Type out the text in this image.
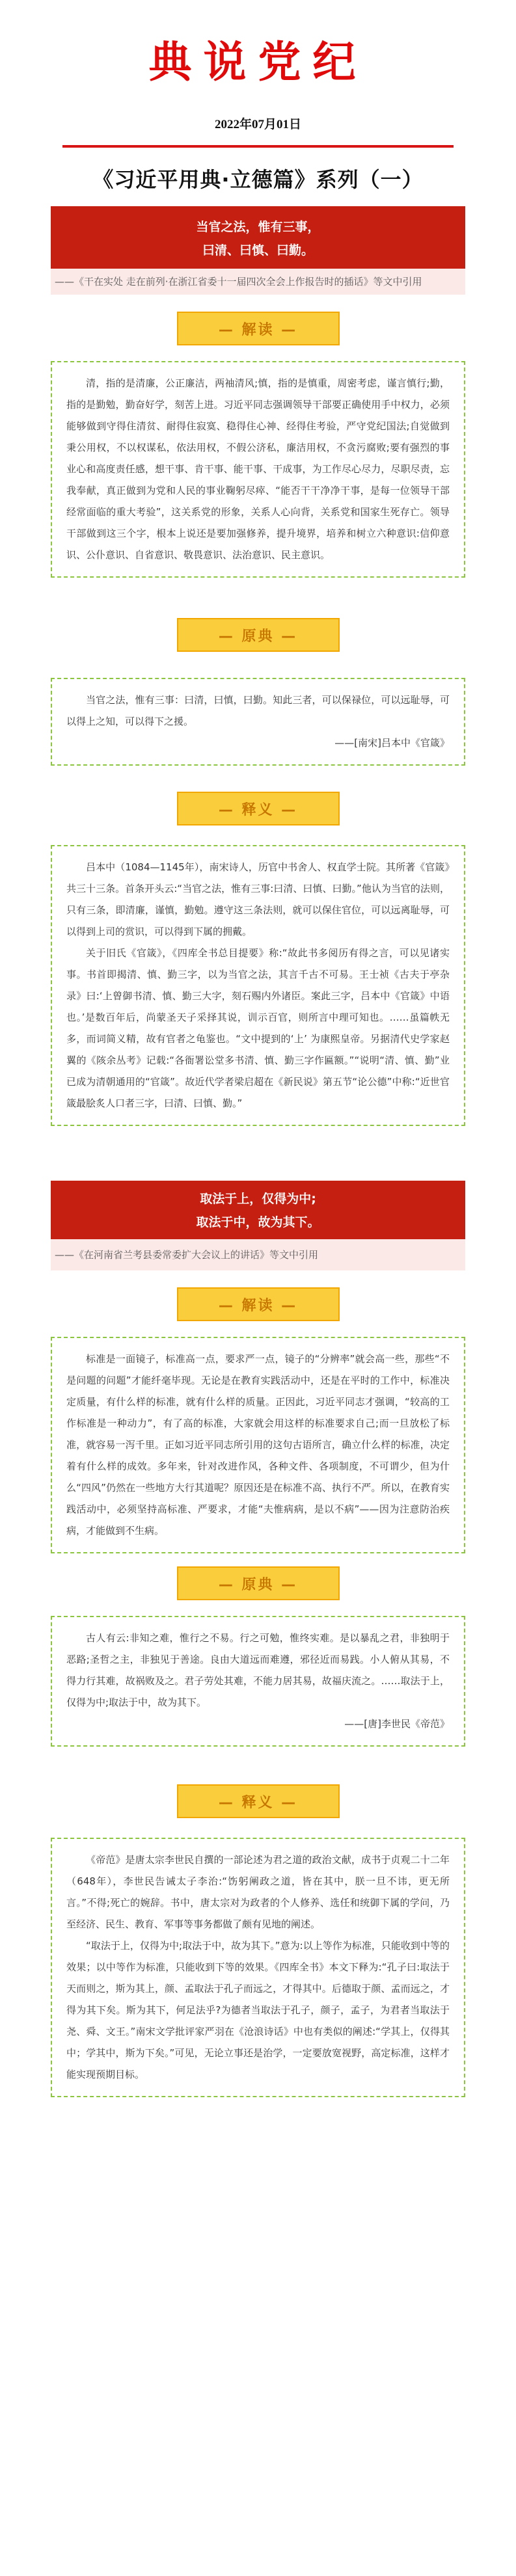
典说党纪
2022年07月01日
《习近平用典·立德篇》系列（一）
当官之法，惟有三事，
曰清、曰慎、曰勤。
——《干在实处 走在前列·在浙江省委十一届四次全会上作报告时的插话》等文中引用
— 解读 —

清，指的是清廉，公正廉洁，两袖清风;慎，指的是慎重，周密考虑，谨言慎行;勤，指的是勤勉，勤奋好学，刻苦上进。习近平同志强调领导干部要正确使用手中权力，必须能够做到守得住清贫、耐得住寂寞、稳得住心神、经得住考验，严守党纪国法;自觉做到秉公用权，不以权谋私，依法用权，不假公济私，廉洁用权，不贪污腐败;要有强烈的事业心和高度责任感，想干事、肯干事、能干事、干成事，为工作尽心尽力，尽职尽责，忘我奉献，真正做到为党和人民的事业鞠躬尽瘁、“能否干干净净干事，是每一位领导干部经常面临的重大考验”，这关系党的形象，关系人心向背，关系党和国家生死存亡。领导干部做到这三个字，根本上说还是要加强修养，提升境界，培养和树立六种意识:信仰意识、公仆意识、自省意识、敬畏意识、法治意识、民主意识。

— 原典 —

当官之法，惟有三事：曰清，曰慎，曰勤。知此三者，可以保禄位，可以远耻辱，可以得上之知，可以得下之援。

——[南宋]吕本中《官箴》

— 释义 —

吕本中（1084—1145年），南宋诗人，历官中书舍人、权直学士院。其所著《官箴》共三十三条。首条开头云:“当官之法，惟有三事:曰清、曰慎、曰勤。”他认为当官的法则，只有三条，即清廉，谨慎，勤勉。遵守这三条法则，就可以保住官位，可以远离耻辱，可以得到上司的赏识，可以得到下属的拥戴。

关于旧氏《官箴》，《四库全书总目提要》称:“故此书多阅历有得之言，可以见诸实事。书首即揭清、慎、勤三字，以为当官之法，其言千古不可易。王士祯《古夫于亭杂录》曰:‘上曾御书清、慎、勤三大字，刻石赐内外诸臣。案此三字，吕本中《官箴》中语也。’是数百年后，尚蒙圣天子采择其说，训示百官，则所言中理可知也。……虽篇帙无多，而词简义精，故有官者之龟鉴也。“文中提到的‘上’ 为康熙皇帝。另据清代史学家赵翼的《陔余丛考》记载:“各衙署讼堂多书清、慎、勤三字作匾额。”“说明“清、慎、勤”业已成为清朝通用的“官箴”。故近代学者梁启超在《新民说》第五节“论公德”中称:“近世官箴最脍炙人口者三字，曰清、曰慎、勤。”

取法于上，仅得为中;
取法于中，故为其下。
——《在河南省兰考县委常委扩大会议上的讲话》等文中引用
— 解读 —

标准是一面镜子，标准高一点，要求严一点，镜子的“分辨率”就会高一些，那些“不是问题的问题”才能纤毫毕现。无论是在教育实践活动中，还是在平时的工作中，标准决定质量，有什么样的标准，就有什么样的质量。正因此，习近平同志才强调，“较高的工作标准是一种动力”，有了高的标准，大家就会用这样的标准要求自己;而一旦放松了标准，就容易一泻千里。正如习近平同志所引用的这句古语所言，确立什么样的标准，决定着有什么样的成效。多年来，针对改进作风，各种文件、各项制度，不可谓少，但为什么“四风”仍然在一些地方大行其道呢？原因还是在标准不高、执行不严。所以，在教育实践活动中，必须坚持高标准、严要求，才能“夫惟病病，是以不病”——因为注意防治疾病，才能做到不生病。

— 原典 —

古人有云:非知之难，惟行之不易。行之可勉，惟终实难。是以暴乱之君，非独明于恶路;圣哲之主，非独见于善途。良由大道远而难遵，邪径近而易践。小人俯从其易，不得力行其难，故祸败及之。君子劳处其难，不能力居其易，故福庆流之。……取法于上，仅得为中;取法于中，故为其下。

——[唐]李世民《帝范》

— 释义 —

《帝范》是唐太宗李世民自撰的一部论述为君之道的政治文献，成书于贞观二十二年（648年），李世民告诫太子李治:“饬躬阐政之道，皆在其中，朕一旦不讳，更无所言。”不得;死亡的婉辞。书中，唐太宗对为政者的个人修养、选任和统御下属的学问，乃至经济、民生、教育、军事等事务都做了颇有见地的阐述。

“取法于上，仅得为中;取法于中，故为其下。”意为:以上等作为标准，只能收到中等的效果；以中等作为标准，只能收到下等的效果。《四库全书》本文下释为:“孔子曰:取法于天而则之，斯为其上，颜、孟取法于孔子而远之，才得其中。后德取于颜、孟而远之，才得为其下矣。斯为其下，何足法乎?为德者当取法于孔子，颜子，孟子，为君者当取法于尧、舜、文王。”南宋文学批评家严羽在《沧浪诗话》中也有类似的阐述:“学其上，仅得其中；学其中，斯为下矣。”可见，无论立事还是治学，一定要放宽视野，高定标准，这样才能实现预期目标。
